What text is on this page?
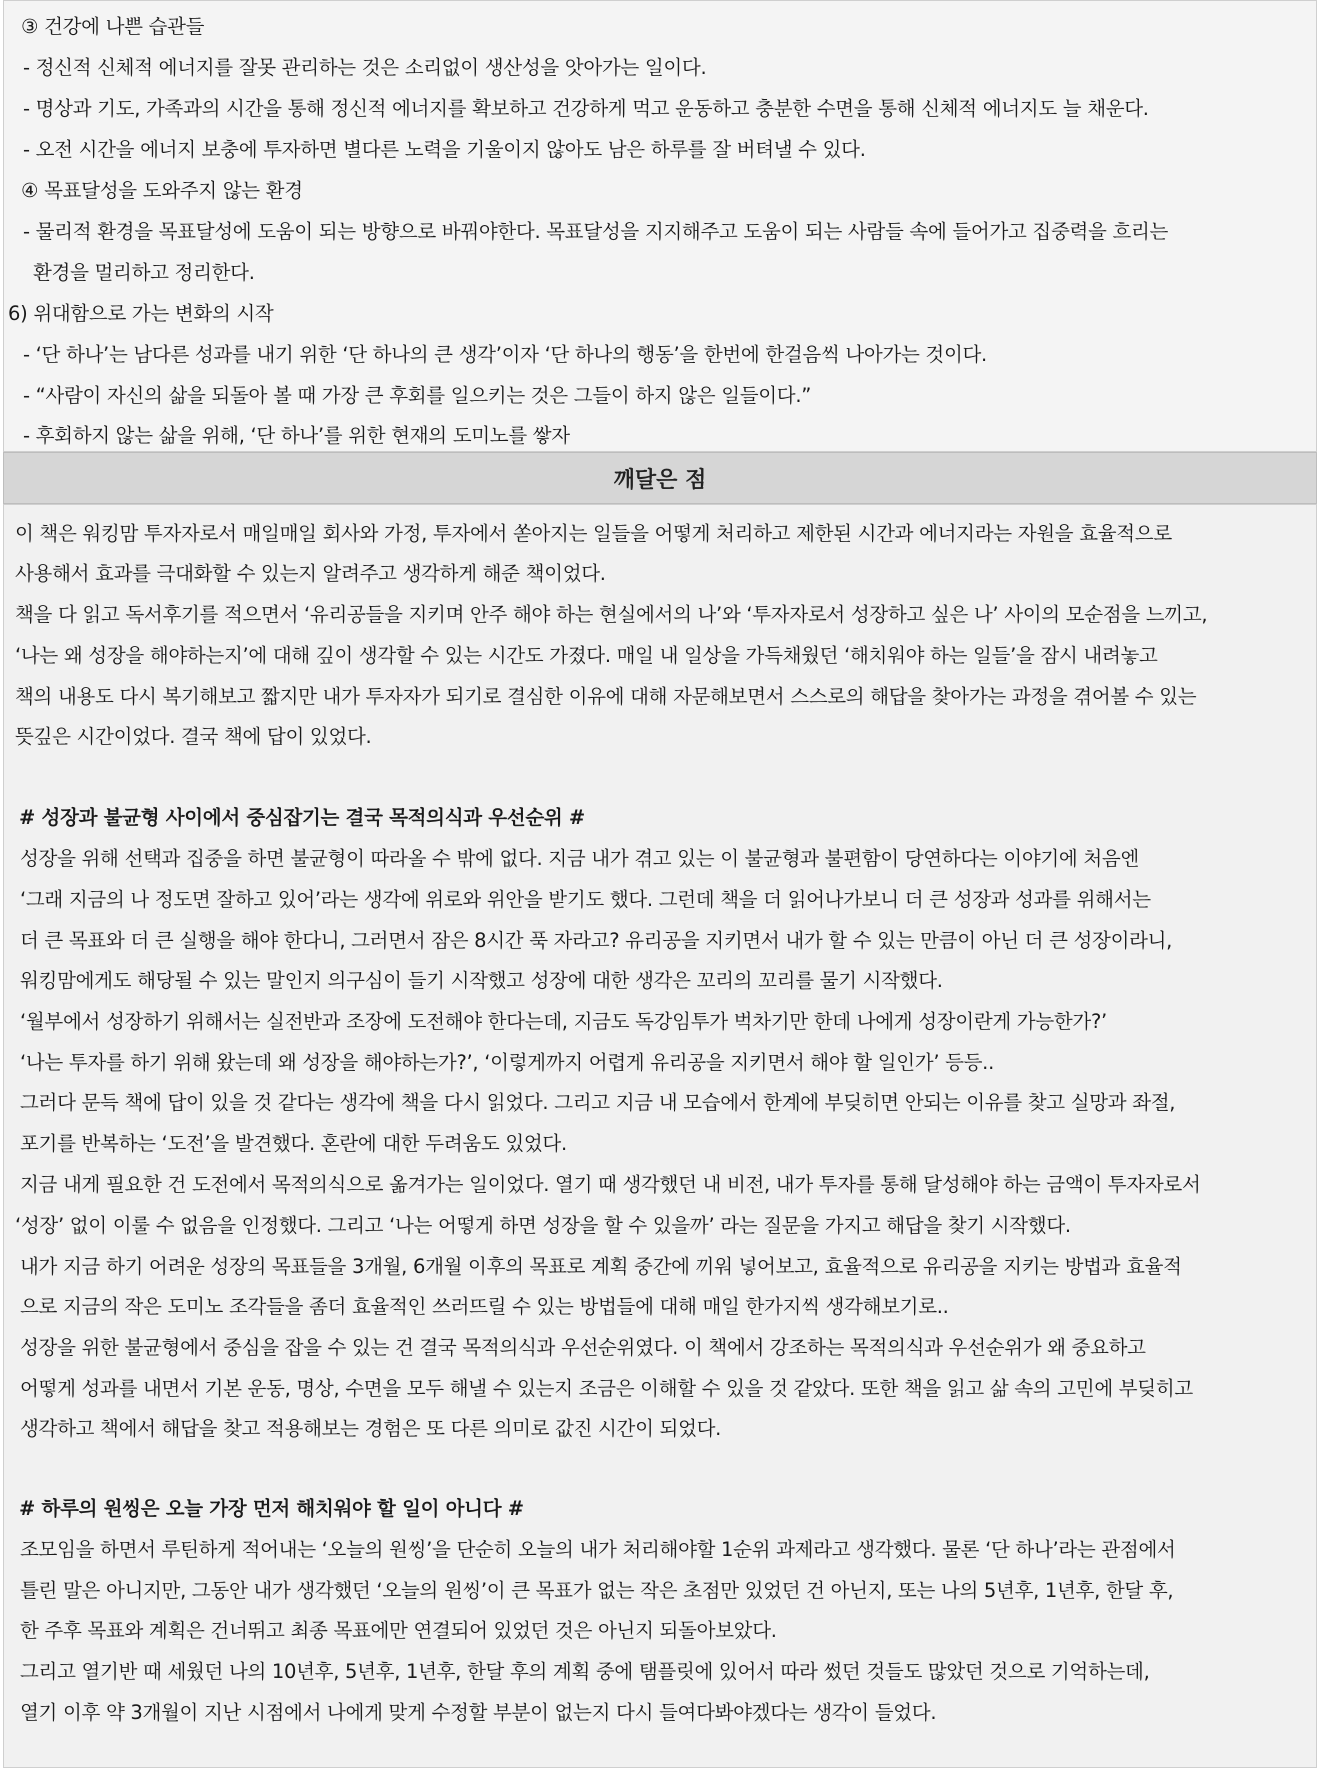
③ 건강에 나쁜 습관들
- 정신적 신체적 에너지를 잘못 관리하는 것은 소리없이 생산성을 앗아가는 일이다.
- 명상과 기도, 가족과의 시간을 통해 정신적 에너지를 확보하고 건강하게 먹고 운동하고 충분한 수면을 통해 신체적 에너지도 늘 채운다.
- 오전 시간을 에너지 보충에 투자하면 별다른 노력을 기울이지 않아도 남은 하루를 잘 버텨낼 수 있다.
④ 목표달성을 도와주지 않는 환경
- 물리적 환경을 목표달성에 도움이 되는 방향으로 바꿔야한다. 목표달성을 지지해주고 도움이 되는 사람들 속에 들어가고 집중력을 흐리는
환경을 멀리하고 정리한다.
6) 위대함으로 가는 변화의 시작
- ‘단 하나’는 남다른 성과를 내기 위한 ‘단 하나의 큰 생각’이자 ‘단 하나의 행동’을 한번에 한걸음씩 나아가는 것이다.
- “사람이 자신의 삶을 되돌아 볼 때 가장 큰 후회를 일으키는 것은 그들이 하지 않은 일들이다.”
- 후회하지 않는 삶을 위해, ‘단 하나’를 위한 현재의 도미노를 쌓자
깨달은 점
이 책은 워킹맘 투자자로서 매일매일 회사와 가정, 투자에서 쏟아지는 일들을 어떻게 처리하고 제한된 시간과 에너지라는 자원을 효율적으로
사용해서 효과를 극대화할 수 있는지 알려주고 생각하게 해준 책이었다.
책을 다 읽고 독서후기를 적으면서 ‘유리공들을 지키며 안주 해야 하는 현실에서의 나’와 ‘투자자로서 성장하고 싶은 나’ 사이의 모순점을 느끼고,
‘나는 왜 성장을 해야하는지’에 대해 깊이 생각할 수 있는 시간도 가졌다. 매일 내 일상을 가득채웠던 ‘해치워야 하는 일들’을 잠시 내려놓고
책의 내용도 다시 복기해보고 짧지만 내가 투자자가 되기로 결심한 이유에 대해 자문해보면서 스스로의 해답을 찾아가는 과정을 겪어볼 수 있는
뜻깊은 시간이었다. 결국 책에 답이 있었다.
# 성장과 불균형 사이에서 중심잡기는 결국 목적의식과 우선순위 #
성장을 위해 선택과 집중을 하면 불균형이 따라올 수 밖에 없다. 지금 내가 겪고 있는 이 불균형과 불편함이 당연하다는 이야기에 처음엔
‘그래 지금의 나 정도면 잘하고 있어’라는 생각에 위로와 위안을 받기도 했다. 그런데 책을 더 읽어나가보니 더 큰 성장과 성과를 위해서는
더 큰 목표와 더 큰 실행을 해야 한다니, 그러면서 잠은 8시간 푹 자라고? 유리공을 지키면서 내가 할 수 있는 만큼이 아닌 더 큰 성장이라니,
워킹맘에게도 해당될 수 있는 말인지 의구심이 들기 시작했고 성장에 대한 생각은 꼬리의 꼬리를 물기 시작했다.
‘월부에서 성장하기 위해서는 실전반과 조장에 도전해야 한다는데, 지금도 독강임투가 벅차기만 한데 나에게 성장이란게 가능한가?’
‘나는 투자를 하기 위해 왔는데 왜 성장을 해야하는가?’, ‘이렇게까지 어렵게 유리공을 지키면서 해야 할 일인가’ 등등..
그러다 문득 책에 답이 있을 것 같다는 생각에 책을 다시 읽었다. 그리고 지금 내 모습에서 한계에 부딪히면 안되는 이유를 찾고 실망과 좌절,
포기를 반복하는 ‘도전’을 발견했다. 혼란에 대한 두려움도 있었다.
지금 내게 필요한 건 도전에서 목적의식으로 옮겨가는 일이었다. 열기 때 생각했던 내 비전, 내가 투자를 통해 달성해야 하는 금액이 투자자로서
‘성장’ 없이 이룰 수 없음을 인정했다. 그리고 ‘나는 어떻게 하면 성장을 할 수 있을까’ 라는 질문을 가지고 해답을 찾기 시작했다.
내가 지금 하기 어려운 성장의 목표들을 3개월, 6개월 이후의 목표로 계획 중간에 끼워 넣어보고, 효율적으로 유리공을 지키는 방법과 효율적
으로 지금의 작은 도미노 조각들을 좀더 효율적인 쓰러뜨릴 수 있는 방법들에 대해 매일 한가지씩 생각해보기로..
성장을 위한 불균형에서 중심을 잡을 수 있는 건 결국 목적의식과 우선순위였다. 이 책에서 강조하는 목적의식과 우선순위가 왜 중요하고
어떻게 성과를 내면서 기본 운동, 명상, 수면을 모두 해낼 수 있는지 조금은 이해할 수 있을 것 같았다. 또한 책을 읽고 삶 속의 고민에 부딪히고
생각하고 책에서 해답을 찾고 적용해보는 경험은 또 다른 의미로 값진 시간이 되었다.
# 하루의 원씽은 오늘 가장 먼저 해치워야 할 일이 아니다 #
조모임을 하면서 루틴하게 적어내는 ‘오늘의 원씽’을 단순히 오늘의 내가 처리해야할 1순위 과제라고 생각했다. 물론 ‘단 하나’라는 관점에서
틀린 말은 아니지만, 그동안 내가 생각했던 ‘오늘의 원씽’이 큰 목표가 없는 작은 초점만 있었던 건 아닌지, 또는 나의 5년후, 1년후, 한달 후,
한 주후 목표와 계획은 건너뛰고 최종 목표에만 연결되어 있었던 것은 아닌지 되돌아보았다.
그리고 열기반 때 세웠던 나의 10년후, 5년후, 1년후, 한달 후의 계획 중에 탬플릿에 있어서 따라 썼던 것들도 많았던 것으로 기억하는데,
열기 이후 약 3개월이 지난 시점에서 나에게 맞게 수정할 부분이 없는지 다시 들여다봐야겠다는 생각이 들었다.
